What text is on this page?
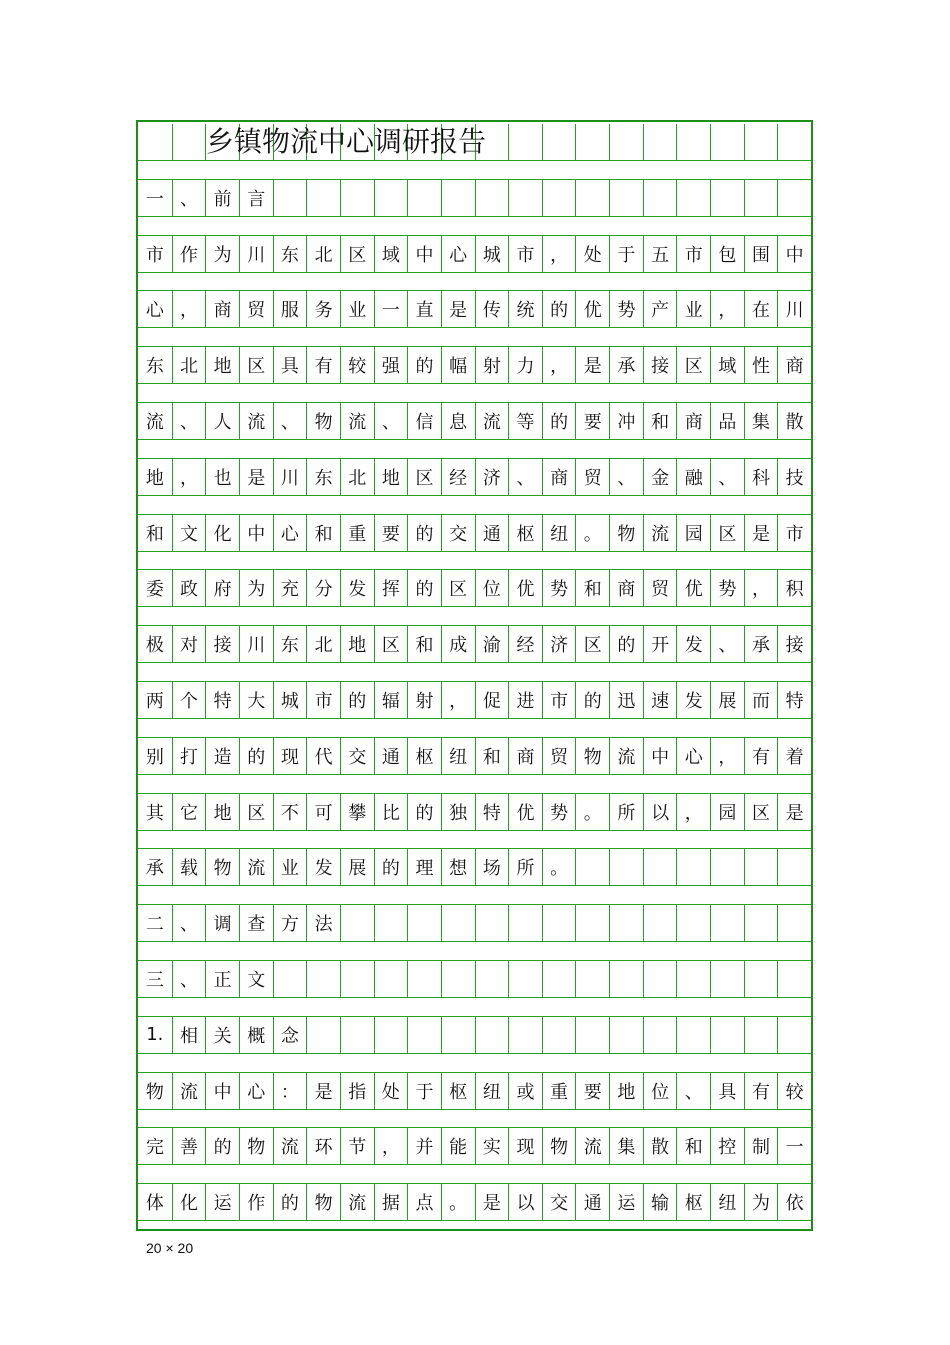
乡镇物流中心调研报告
一 、 前 言
市 作 为 川 东 北 区 域 中 心 城 市 ， 处 于 五 市 包 围 中
心 ， 商 贸 服 务 业 一 直 是 传 统 的 优 势 产 业 ， 在 川
东 北 地 区 具 有 较 强 的 幅 射 力 ， 是 承 接 区 域 性 商
流 、 人 流 、 物 流 、 信 息 流 等 的 要 冲 和 商 品 集 散
地 ， 也 是 川 东 北 地 区 经 济 、 商 贸 、 金 融 、 科 技
和 文 化 中 心 和 重 要 的 交 通 枢 纽 。 物 流 园 区 是 市
委 政 府 为 充 分 发 挥 的 区 位 优 势 和 商 贸 优 势 ， 积
极 对 接 川 东 北 地 区 和 成 渝 经 济 区 的 开 发 、 承 接
两 个 特 大 城 市 的 辐 射 ， 促 进 市 的 迅 速 发 展 而 特
别 打 造 的 现 代 交 通 枢 纽 和 商 贸 物 流 中 心 ， 有 着
其 它 地 区 不 可 攀 比 的 独 特 优 势 。 所 以 ， 园 区 是
承 载 物 流 业 发 展 的 理 想 场 所 。
二 、 调 查 方 法
三 、 正 文
1. 相 关 概 念
物 流 中 心 ： 是 指 处 于 枢 纽 或 重 要 地 位 、 具 有 较
完 善 的 物 流 环 节 ， 并 能 实 现 物 流 集 散 和 控 制 一
体 化 运 作 的 物 流 据 点 。 是 以 交 通 运 输 枢 纽 为 依
20 × 20
